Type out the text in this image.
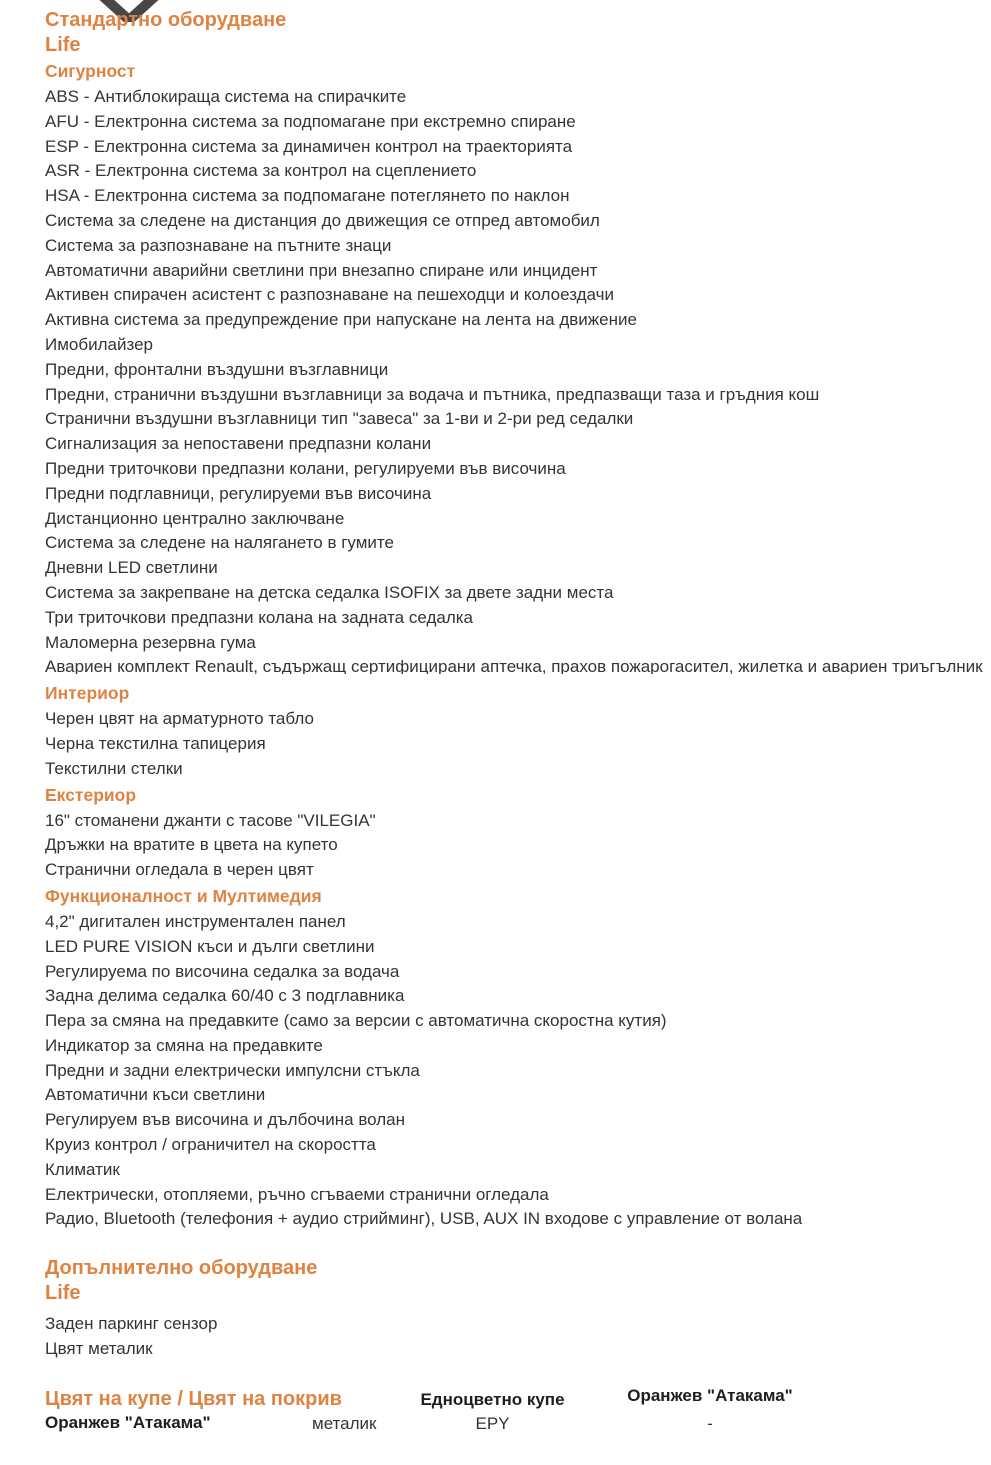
Стандартно оборудване
Life
Сигурност
ABS - Антиблокираща система на спирачките
AFU - Електронна система за подпомагане при екстремно спиране
ESP - Електронна система за динамичен контрол на траекторията
ASR - Електронна система за контрол на сцеплението
HSA - Електронна система за подпомагане потеглянето по наклон
Система за следене на дистанция до движещия се отпред автомобил
Система за разпознаване на пътните знаци
Автоматични аварийни светлини при внезапно спиране или инцидент
Активен спирачен асистент с разпознаване на пешеходци и колоездачи
Активна система за предупреждение при напускане на лента на движение
Имобилайзер
Предни, фронтални въздушни възглавници
Предни, странични въздушни възглавници за водача и пътника, предпазващи таза и гръдния кош
Странични въздушни възглавници тип "завеса" за 1-ви и 2-ри ред седалки
Сигнализация за непоставени предпазни колани
Предни триточкови предпазни колани, регулируеми във височина
Предни подглавници, регулируеми във височина
Дистанционно централно заключване
Система за следене на налягането в гумите
Дневни LED светлини
Система за закрепване на детска седалка ISOFIX за двете задни места
Три триточкови предпазни колана на задната седалка
Маломерна резервна гума
Авариен комплект Renault, съдържащ сертифицирани аптечка, прахов пожарогасител, жилетка и авариен триъгълник
Интериор
Черен цвят на арматурното табло
Черна текстилна тапицерия
Текстилни стелки
Екстериор
16" стоманени джанти с тасове "VILEGIA"
Дръжки на вратите в цвета на купето
Странични огледала в черен цвят
Функционалност и Мултимедия
4,2" дигитален инструментален панел
LED PURE VISION къси и дълги светлини
Регулируема по височина седалка за водача
Задна делима седалка 60/40 с 3 подглавника
Пера за смяна на предавките (само за версии с автоматична скоростна кутия)
Индикатор за смяна на предавките
Предни и задни електрически импулсни стъкла
Автоматични къси светлини
Регулируем във височина и дълбочина волан
Круиз контрол / ограничител на скоростта
Климатик
Електрически, отопляеми, ръчно сгъваеми странични огледала
Радио, Bluetooth (телефония + аудио стрийминг), USB, AUX IN входове с управление от волана
Допълнително оборудване
Life
Заден паркинг сензор
Цвят металик
Цвят на купе / Цвят на покрив	Едноцветно купе	Оранжев "Атакама"
Оранжев "Атакама"	металик	EPY	-
